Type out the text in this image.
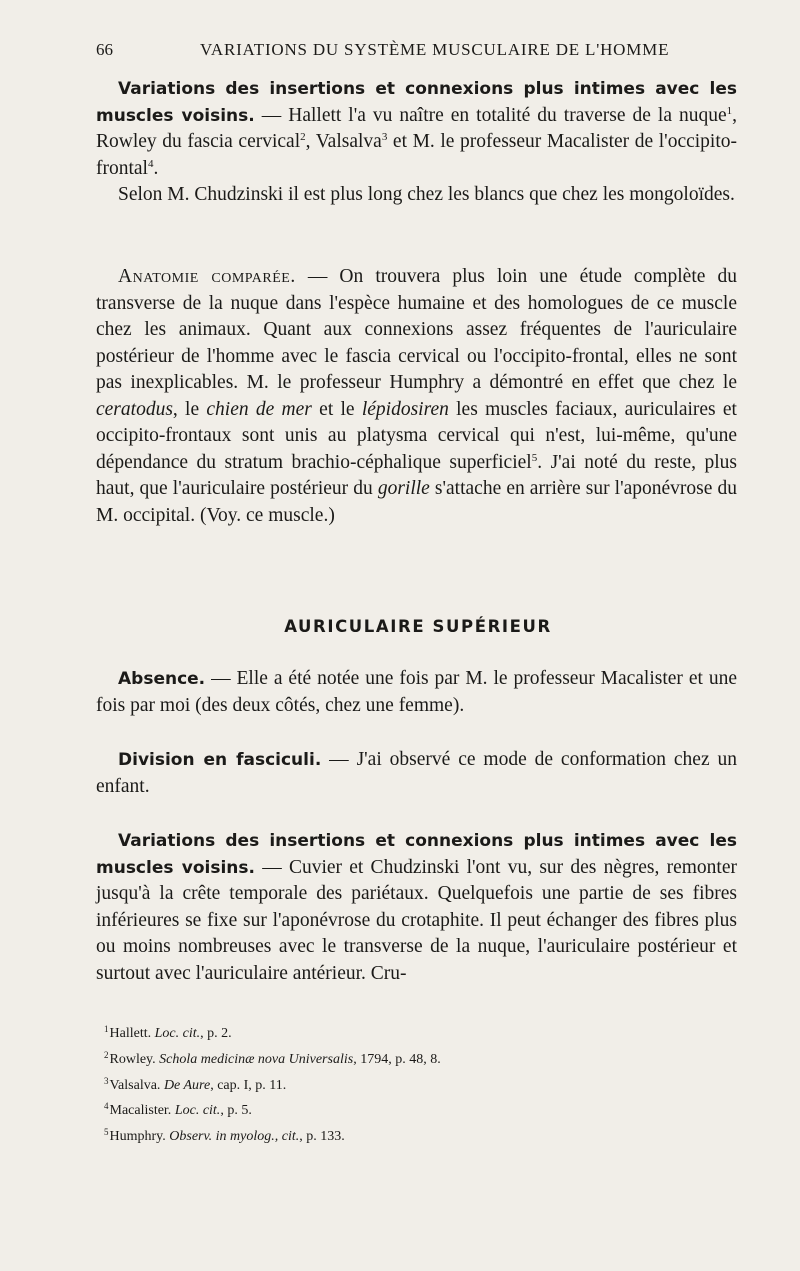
66	VARIATIONS DU SYSTÈME MUSCULAIRE DE L'HOMME

Variations des insertions et connexions plus intimes avec les muscles voisins. — Hallett l'a vu naître en totalité du traverse de la nuque$^1$, Rowley du fascia cervical$^2$, Valsalva$^3$ et M. le professeur Macalister de l'occipito-frontal$^4$.

Selon M. Chudzinski il est plus long chez les blancs que chez les mongoloïdes.

Anatomie comparée. — On trouvera plus loin une étude complète du transverse de la nuque dans l'espèce humaine et des homologues de ce muscle chez les animaux. Quant aux connexions assez fréquentes de l'auriculaire postérieur de l'homme avec le fascia cervical ou l'occipito-frontal, elles ne sont pas inexplicables. M. le professeur Humphry a démontré en effet que chez le ceratodus, le chien de mer et le lépidosiren les muscles faciaux, auriculaires et occipito-frontaux sont unis au platysma cervical qui n'est, lui-même, qu'une dépendance du stratum brachio-céphalique superficiel$^5$. J'ai noté du reste, plus haut, que l'auriculaire postérieur du gorille s'attache en arrière sur l'aponévrose du M. occipital. (Voy. ce muscle.)

AURICULAIRE SUPÉRIEUR

Absence. — Elle a été notée une fois par M. le professeur Macalister et une fois par moi (des deux côtés, chez une femme).

Division en fasciculi. — J'ai observé ce mode de conformation chez un enfant.

Variations des insertions et connexions plus intimes avec les muscles voisins. — Cuvier et Chudzinski l'ont vu, sur des nègres, remonter jusqu'à la crête temporale des pariétaux. Quelquefois une partie de ses fibres inférieures se fixe sur l'aponévrose du crotaphite. Il peut échanger des fibres plus ou moins nombreuses avec le transverse de la nuque, l'auriculaire postérieur et surtout avec l'auriculaire antérieur. Cru-

$^1$Hallett. Loc. cit., p. 2.
$^2$Rowley. Schola medicinæ nova Universalis, 1794, p. 48, 8.
$^3$Valsalva. De Aure, cap. I, p. 11.
$^4$Macalister. Loc. cit., p. 5.
$^5$Humphry. Observ. in myolog., cit., p. 133.
